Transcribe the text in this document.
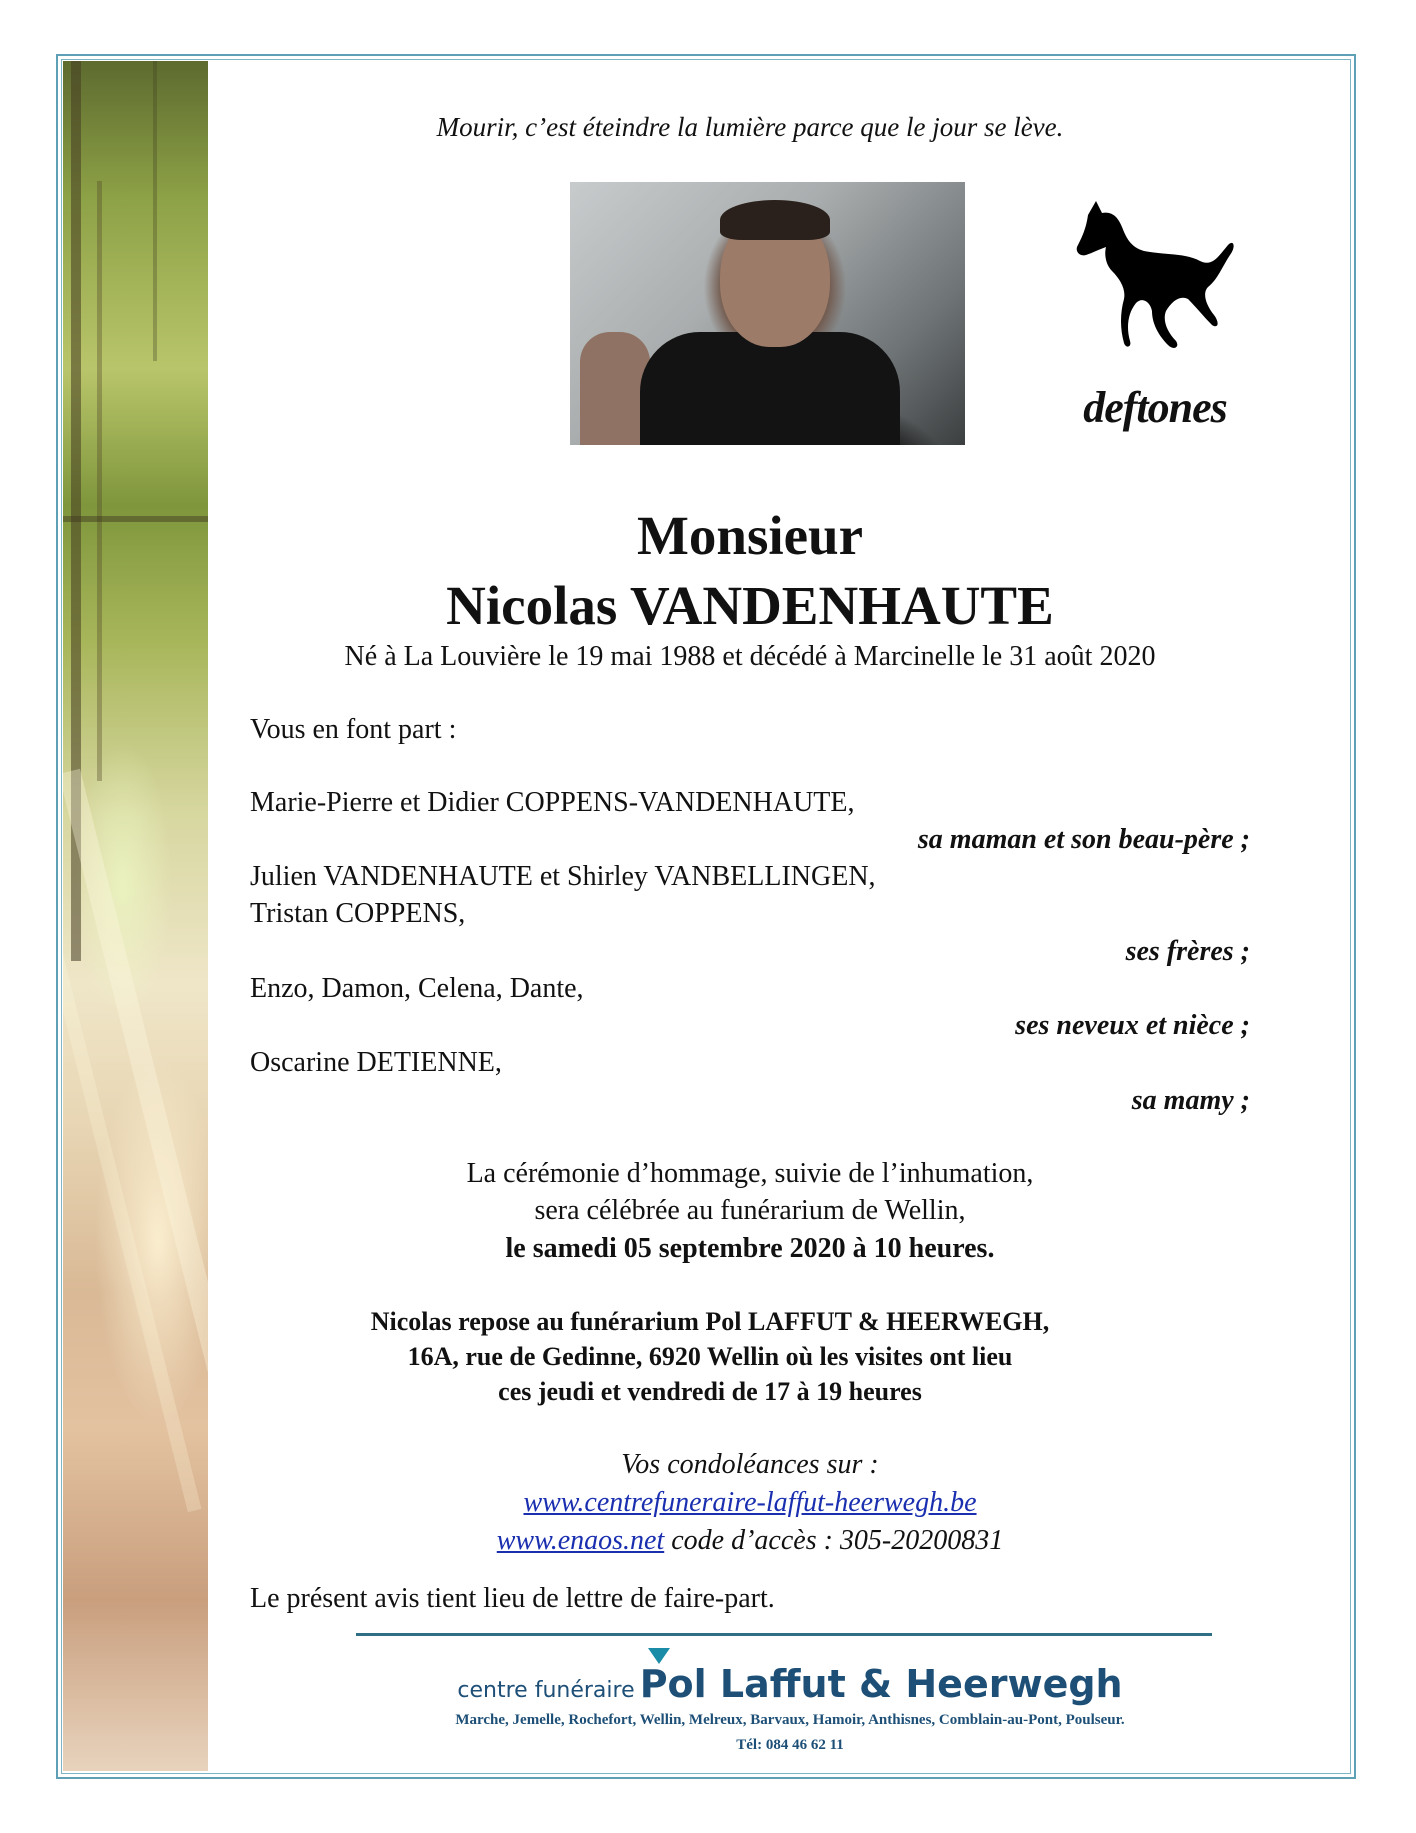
Mourir, c’est éteindre la lumière parce que le jour se lève.
deftones
Monsieur
Nicolas VANDENHAUTE
Né à La Louvière le 19 mai 1988 et décédé à Marcinelle le 31 août 2020
Vous en font part :
Marie-Pierre et Didier COPPENS-VANDENHAUTE,
sa maman et son beau-père ;
Julien VANDENHAUTE et Shirley VANBELLINGEN,
Tristan COPPENS,
ses frères ;
Enzo, Damon, Celena, Dante,
ses neveux et nièce ;
Oscarine DETIENNE,
sa mamy ;
La cérémonie d’hommage, suivie de l’inhumation,
sera célébrée au funérarium de Wellin,
le samedi 05 septembre 2020 à 10 heures.
Nicolas repose au funérarium Pol LAFFUT & HEERWEGH,
16A, rue de Gedinne, 6920 Wellin où les visites ont lieu
ces jeudi et vendredi de 17 à 19 heures
Vos condoléances sur :
www.centrefuneraire-laffut-heerwegh.be
www.enaos.net code d’accès : 305-20200831
Le présent avis tient lieu de lettre de faire-part.
centre funéraire Pol Laffut & Heerwegh
Marche, Jemelle, Rochefort, Wellin, Melreux, Barvaux, Hamoir, Anthisnes, Comblain-au-Pont, Poulseur.
Tél: 084 46 62 11
